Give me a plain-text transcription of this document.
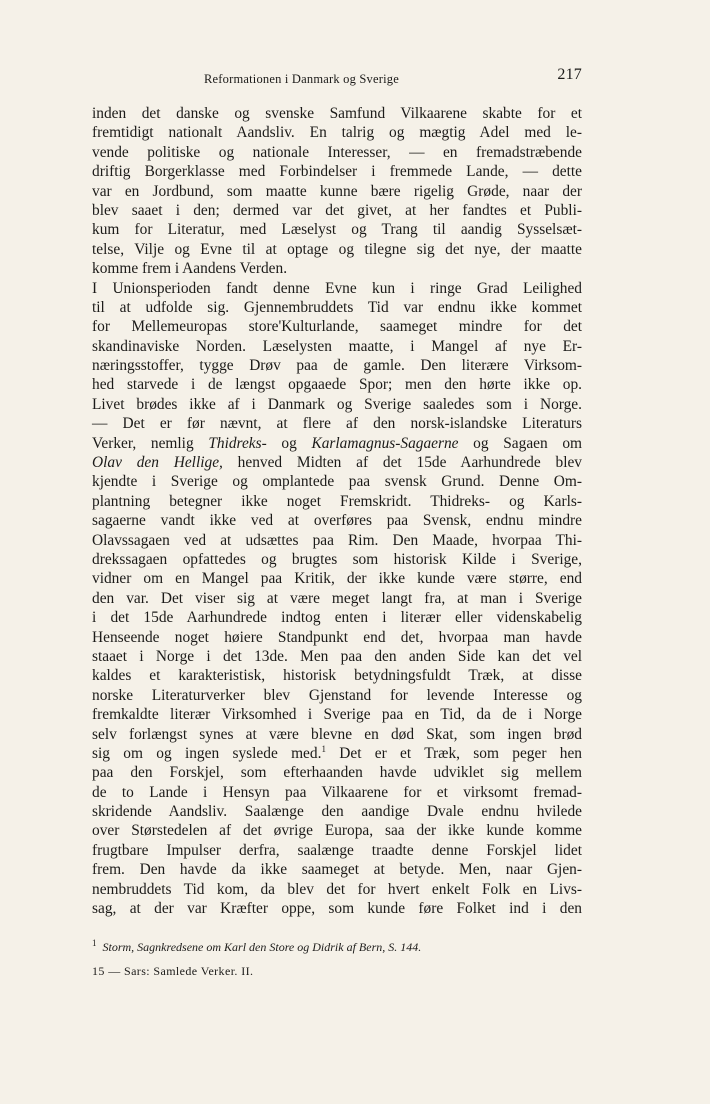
Reformationen i Danmark og Sverige	217
inden det danske og svenske Samfund Vilkaarene skabte for et
fremtidigt nationalt Aandsliv. En talrig og mægtig Adel med le-
vende politiske og nationale Interesser, — en fremadstræbende
driftig Borgerklasse med Forbindelser i fremmede Lande, — dette
var en Jordbund, som maatte kunne bære rigelig Grøde, naar der
blev saaet i den; dermed var det givet, at her fandtes et Publi-
kum for Literatur, med Læselyst og Trang til aandig Sysselsæt-
telse, Vilje og Evne til at optage og tilegne sig det nye, der maatte
komme frem i Aandens Verden.
I Unionsperioden fandt denne Evne kun i ringe Grad Leilighed
til at udfolde sig. Gjennembruddets Tid var endnu ikke kommet
for Mellemeuropas store'Kulturlande, saameget mindre for det
skandinaviske Norden. Læselysten maatte, i Mangel af nye Er-
næringsstoffer, tygge Drøv paa de gamle. Den literære Virksom-
hed starvede i de længst opgaaede Spor; men den hørte ikke op.
Livet brødes ikke af i Danmark og Sverige saaledes som i Norge.
— Det er før nævnt, at flere af den norsk-islandske Literaturs
Verker, nemlig Thidreks- og Karlamagnus-Sagaerne og Sagaen om
Olav den Hellige, henved Midten af det 15de Aarhundrede blev
kjendte i Sverige og omplantede paa svensk Grund. Denne Om-
plantning betegner ikke noget Fremskridt. Thidreks- og Karls-
sagaerne vandt ikke ved at overføres paa Svensk, endnu mindre
Olavssagaen ved at udsættes paa Rim. Den Maade, hvorpaa Thi-
drekssagaen opfattedes og brugtes som historisk Kilde i Sverige,
vidner om en Mangel paa Kritik, der ikke kunde være større, end
den var. Det viser sig at være meget langt fra, at man i Sverige
i det 15de Aarhundrede indtog enten i literær eller videnskabelig
Henseende noget høiere Standpunkt end det, hvorpaa man havde
staaet i Norge i det 13de. Men paa den anden Side kan det vel
kaldes et karakteristisk, historisk betydningsfuldt Træk, at disse
norske Literaturverker blev Gjenstand for levende Interesse og
fremkaldte literær Virksomhed i Sverige paa en Tid, da de i Norge
selv forlængst synes at være blevne en død Skat, som ingen brød
sig om og ingen syslede med.$^1$ Det er et Træk, som peger hen
paa den Forskjel, som efterhaanden havde udviklet sig mellem
de to Lande i Hensyn paa Vilkaarene for et virksomt fremad-
skridende Aandsliv. Saalænge den aandige Dvale endnu hvilede
over Størstedelen af det øvrige Europa, saa der ikke kunde komme
frugtbare Impulser derfra, saalænge traadte denne Forskjel lidet
frem. Den havde da ikke saameget at betyde. Men, naar Gjen-
nembruddets Tid kom, da blev det for hvert enkelt Folk en Livs-
sag, at der var Kræfter oppe, som kunde føre Folket ind i den
$^1$ Storm, Sagnkredsene om Karl den Store og Didrik af Bern, S. 144.
15 — Sars: Samlede Verker. II.
